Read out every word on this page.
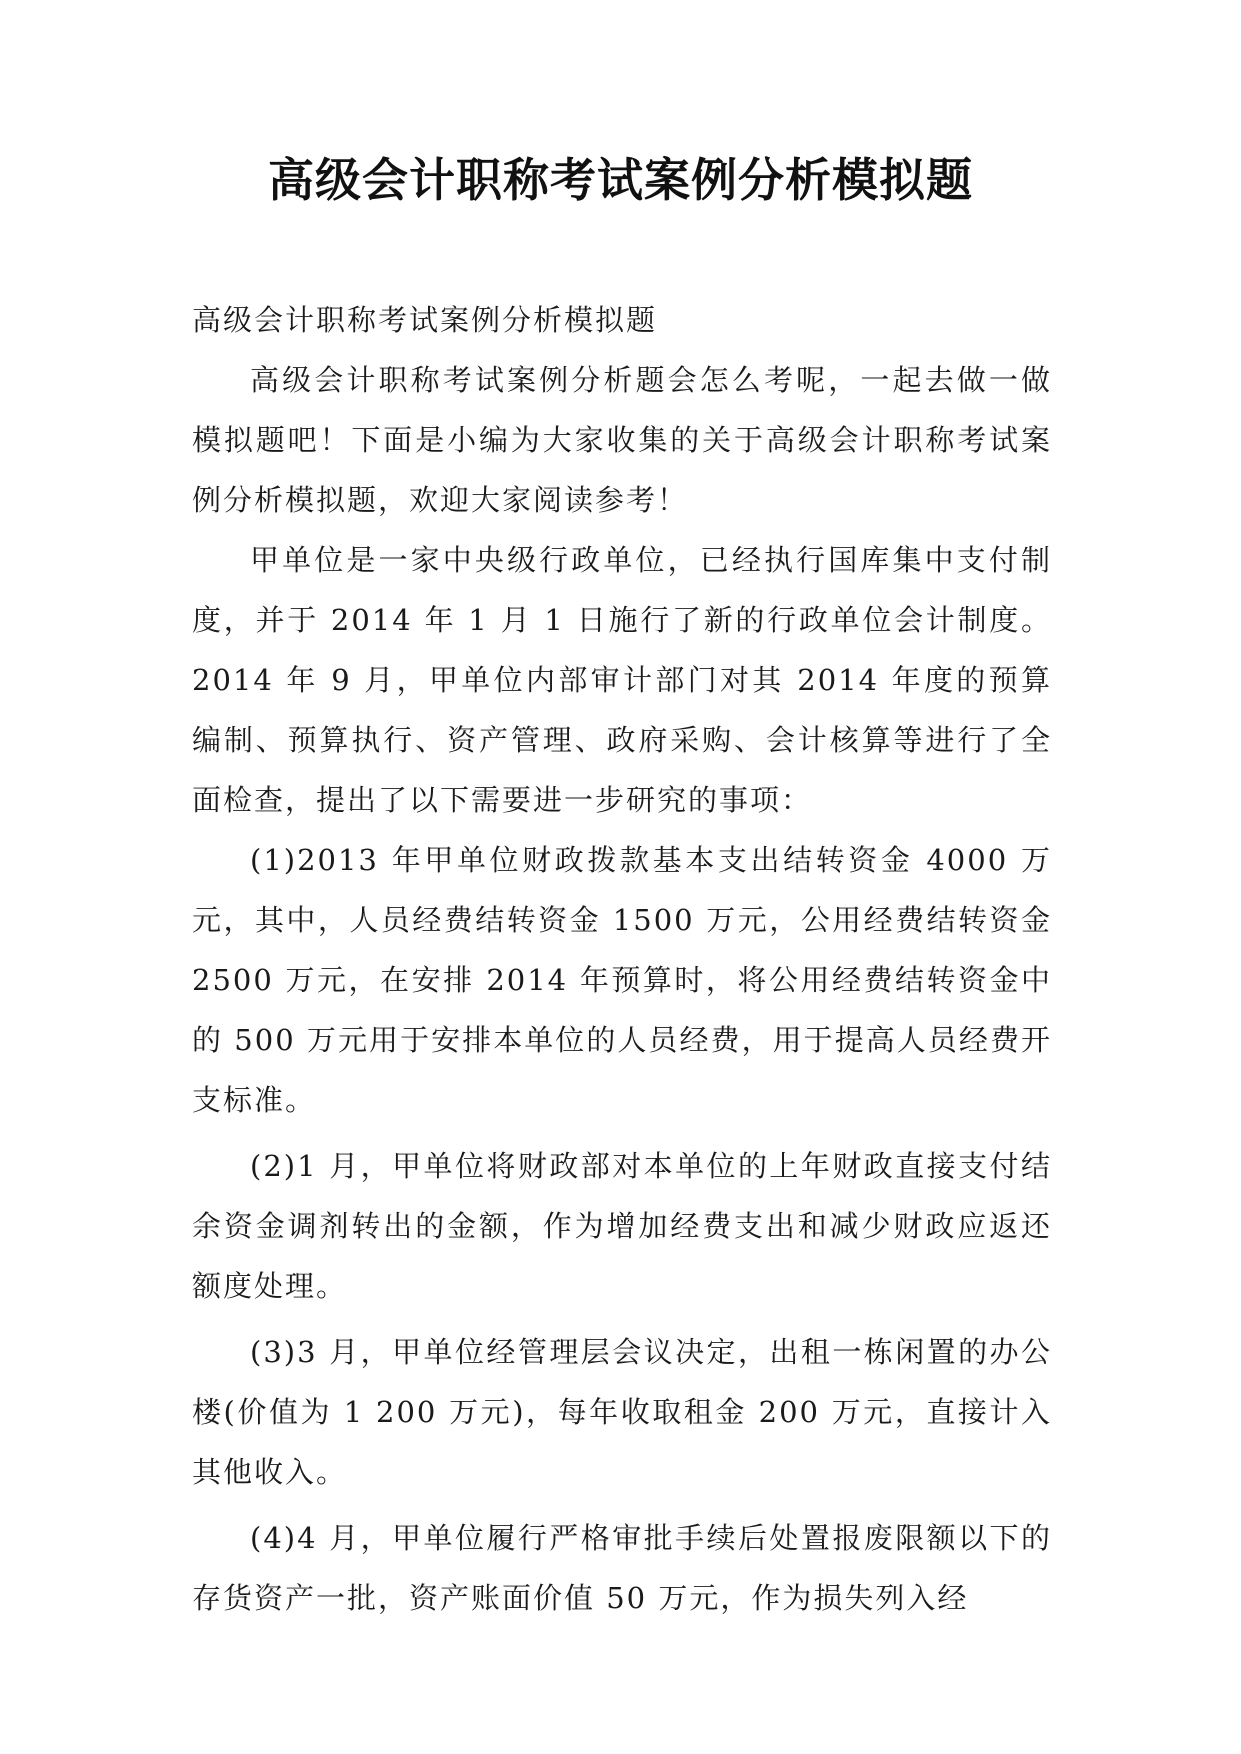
高级会计职称考试案例分析模拟题

高级会计职称考试案例分析模拟题

高级会计职称考试案例分析题会怎么考呢，一起去做一做模拟题吧！下面是小编为大家收集的关于高级会计职称考试案例分析模拟题，欢迎大家阅读参考！

甲单位是一家中央级行政单位，已经执行国库集中支付制度，并于 2014 年 1 月 1 日施行了新的行政单位会计制度。2014 年 9 月，甲单位内部审计部门对其 2014 年度的预算编制、预算执行、资产管理、政府采购、会计核算等进行了全面检查，提出了以下需要进一步研究的事项：

(1)2013 年甲单位财政拨款基本支出结转资金 4000 万元，其中，人员经费结转资金 1500 万元，公用经费结转资金 2500 万元，在安排 2014 年预算时，将公用经费结转资金中的 500 万元用于安排本单位的人员经费，用于提高人员经费开支标准。

(2)1 月，甲单位将财政部对本单位的上年财政直接支付结余资金调剂转出的金额，作为增加经费支出和减少财政应返还额度处理。

(3)3 月，甲单位经管理层会议决定，出租一栋闲置的办公楼(价值为 1 200 万元)，每年收取租金 200 万元，直接计入其他收入。

(4)4 月，甲单位履行严格审批手续后处置报废限额以下的存货资产一批，资产账面价值 50 万元，作为损失列入经
